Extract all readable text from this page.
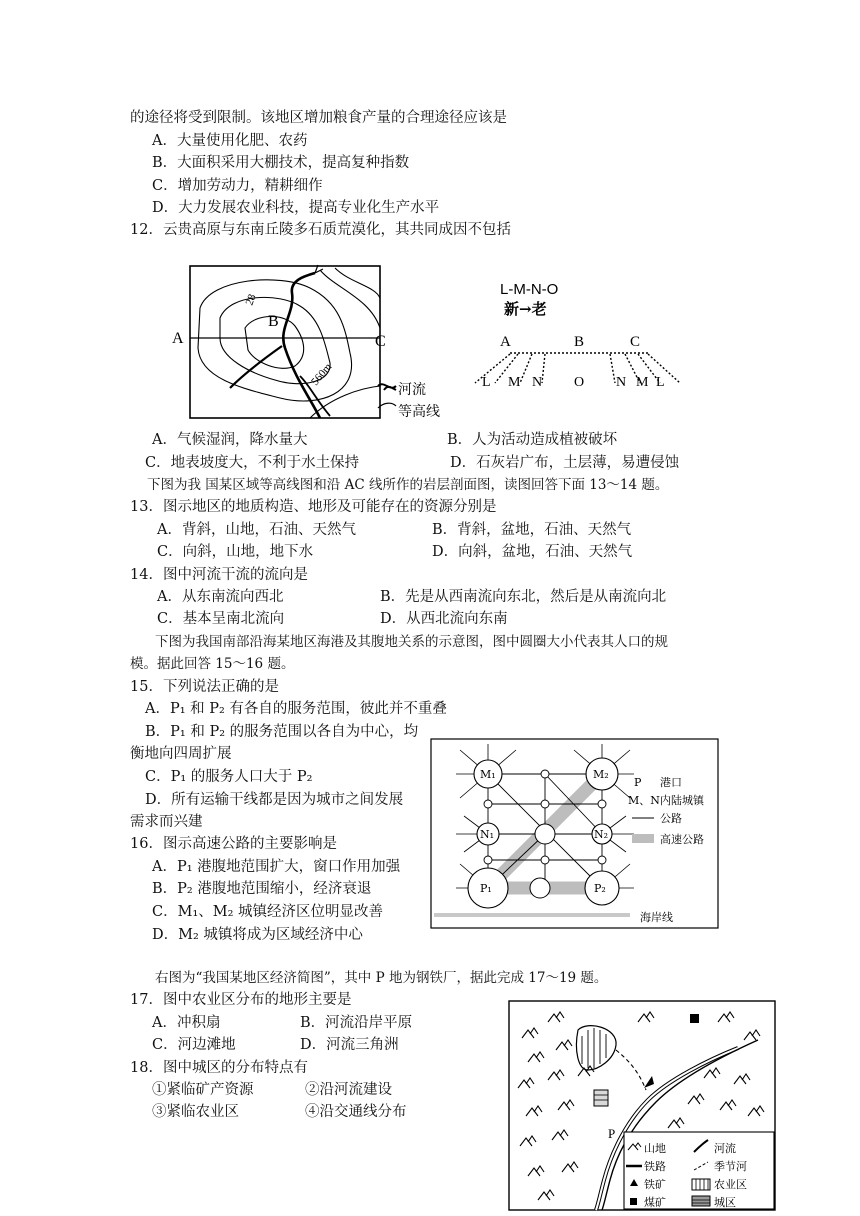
的途径将受到限制。该地区增加粮食产量的合理途径应该是
A．大量使用化肥、农药
B．大面积采用大棚技术，提高复种指数
C．增加劳动力，精耕细作
D．大力发展农业科技，提高专业化生产水平
12．云贵高原与东南丘陵多石质荒漠化，其共同成因不包括
A
B
C
28
560m
河流
等高线
L-M-N-O
新→老
A	B	C
L M N O N M L
A．气候湿润，降水量大	B．人为活动造成植被破坏
C．地表坡度大，不利于水土保持	D．石灰岩广布，土层薄，易遭侵蚀
下图为我 国某区域等高线图和沿 AC 线所作的岩层剖面图，读图回答下面 13～14 题。
13．图示地区的地质构造、地形及可能存在的资源分别是
A．背斜，山地，石油、天然气	B．背斜，盆地，石油、天然气
C．向斜，山地，地下水	D．向斜，盆地，石油、天然气
14．图中河流干流的流向是
A．从东南流向西北	B．先是从西南流向东北，然后是从南流向北
C．基本呈南北流向	D．从西北流向东南
下图为我国南部沿海某地区海港及其腹地关系的示意图，图中圆圈大小代表其人口的规
模。据此回答 15～16 题。
15．下列说法正确的是
A．P₁ 和 P₂ 有各自的服务范围，彼此并不重叠
B．P₁ 和 P₂ 的服务范围以各自为中心，均
衡地向四周扩展
C．P₁ 的服务人口大于 P₂
D．所有运输干线都是因为城市之间发展
需求而兴建
16．图示高速公路的主要影响是
A．P₁ 港腹地范围扩大，窗口作用加强
B．P₂ 港腹地范围缩小，经济衰退
C．M₁、M₂ 城镇经济区位明显改善
D．M₂ 城镇将成为区域经济中心
M₁	M₂
N₁	N₂
P₁	P₂
海岸线
P 港口
M、N 内陆城镇
公路
高速公路
右图为“我国某地区经济简图”，其中 P 地为钢铁厂，据此完成 17～19 题。
17．图中农业区分布的地形主要是
A．冲积扇	B．河流沿岸平原
C．河边滩地	D．河流三角洲
18．图中城区的分布特点有
①紧临矿产资源	②沿河流建设
③紧临农业区	④沿交通线分布
P
山地	河流
铁路	季节河
铁矿	农业区
煤矿	城区
